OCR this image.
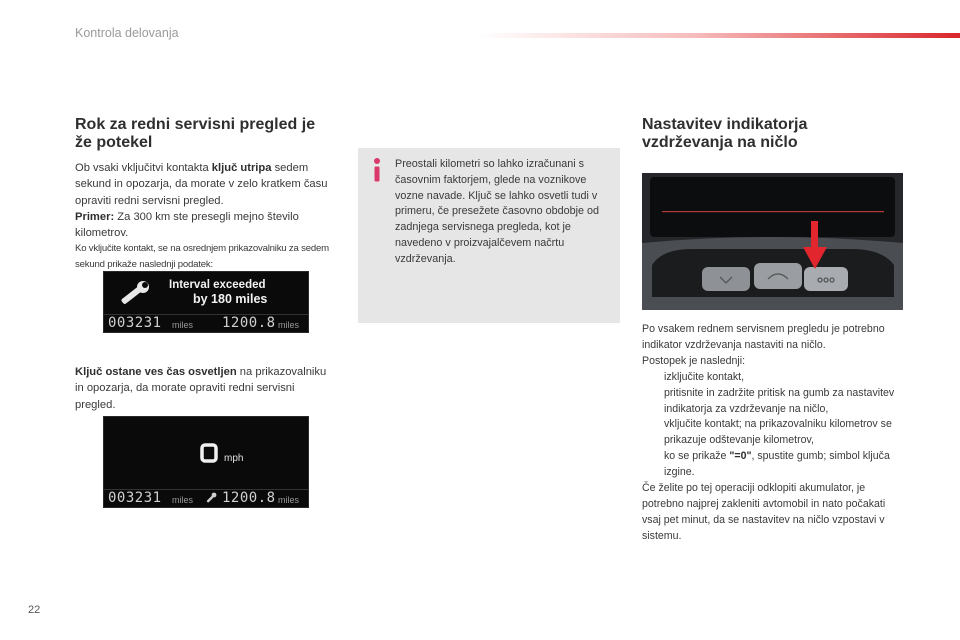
Kontrola delovanja
Rok za redni servisni pregled je
že potekel

Ob vsaki vključitvi kontakta ključ utripa sedem sekund in opozarja, da morate v zelo kratkem času opraviti redni servisni pregled.

Primer: Za 300 km ste presegli mejno število kilometrov.

Ko vključite kontakt, se na osrednjem prikazovalniku za sedem sekund prikaže naslednji podatek:

Interval exceeded
by 180 miles
003231 miles 1200.8 miles

Ključ ostane ves čas osvetljen na prikazovalniku in opozarja, da morate opraviti redni servisni pregled.

mph
003231 miles 1200.8 miles
Preostali kilometri so lahko izračunani s časovnim faktorjem, glede na voznikove vozne navade. Ključ se lahko osvetli tudi v primeru, če presežete časovno obdobje od zadnjega servisnega pregleda, kot je navedeno v proizvajalčevem načrtu vzdrževanja.
Nastavitev indikatorja
vzdrževanja na ničlo

Po vsakem rednem servisnem pregledu je potrebno indikator vzdrževanja nastaviti na ničlo.

Postopek je naslednji:

izključite kontakt,
pritisnite in zadržite pritisk na gumb za nastavitev indikatorja za vzdrževanje na ničlo,
vključite kontakt; na prikazovalniku kilometrov se prikazuje odštevanje kilometrov,
ko se prikaže "=0", spustite gumb; simbol ključa izgine.

Če želite po tej operaciji odklopiti akumulator, je potrebno najprej zakleniti avtomobil in nato počakati vsaj pet minut, da se nastavitev na ničlo vzpostavi v sistemu.

22
